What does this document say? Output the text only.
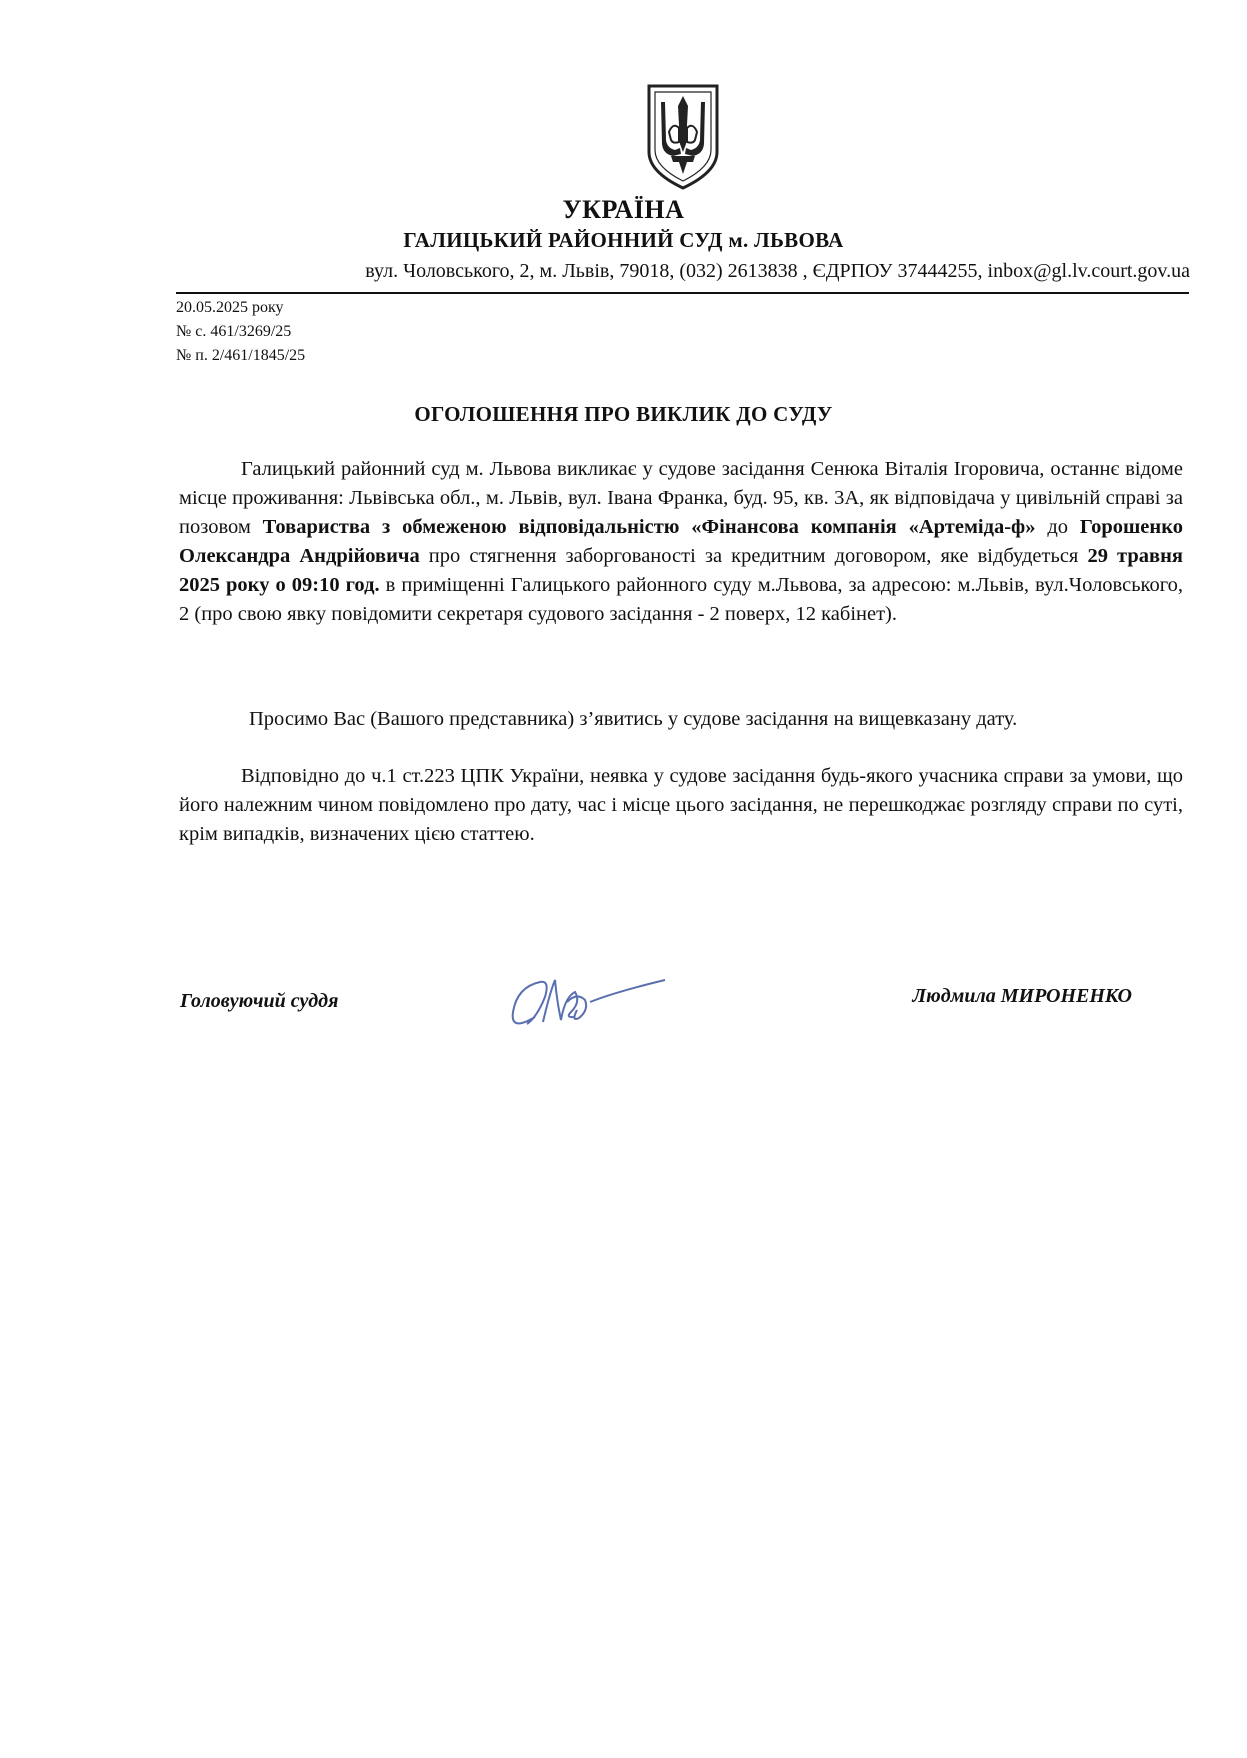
УКРАЇНА
ГАЛИЦЬКИЙ РАЙОННИЙ СУД м. ЛЬВОВА
вул. Чоловського, 2, м. Львів, 79018, (032) 2613838 , ЄДРПОУ 37444255, inbox@gl.lv.court.gov.ua
20.05.2025 року
№ с. 461/3269/25
№ п. 2/461/1845/25
ОГОЛОШЕННЯ ПРО ВИКЛИК ДО СУДУ
Галицький районний суд м. Львова викликає у судове засідання Сенюка Віталія Ігоровича, останнє відоме місце проживання: Львівська обл., м. Львів, вул. Івана Франка, буд. 95, кв. 3А, як відповідача у цивільній справі за позовом Товариства з обмеженою відповідальністю «Фінансова компанія «Артеміда-ф» до Горошенко Олександра Андрійовича про стягнення заборгованості за кредитним договором, яке відбудеться 29 травня 2025 року о 09:10 год. в приміщенні Галицького районного суду м.Львова, за адресою: м.Львів, вул.Чоловського, 2 (про свою явку повідомити секретаря судового засідання - 2 поверх, 12 кабінет).
Просимо Вас (Вашого представника) з’явитись у судове засідання на вищевказану дату.
Відповідно до ч.1 ст.223 ЦПК України, неявка у судове засідання будь-якого учасника справи за умови, що його належним чином повідомлено про дату, час і місце цього засідання, не перешкоджає розгляду справи по суті, крім випадків, визначених цією статтею.
Головуючий суддя	Людмила МИРОНЕНКО
